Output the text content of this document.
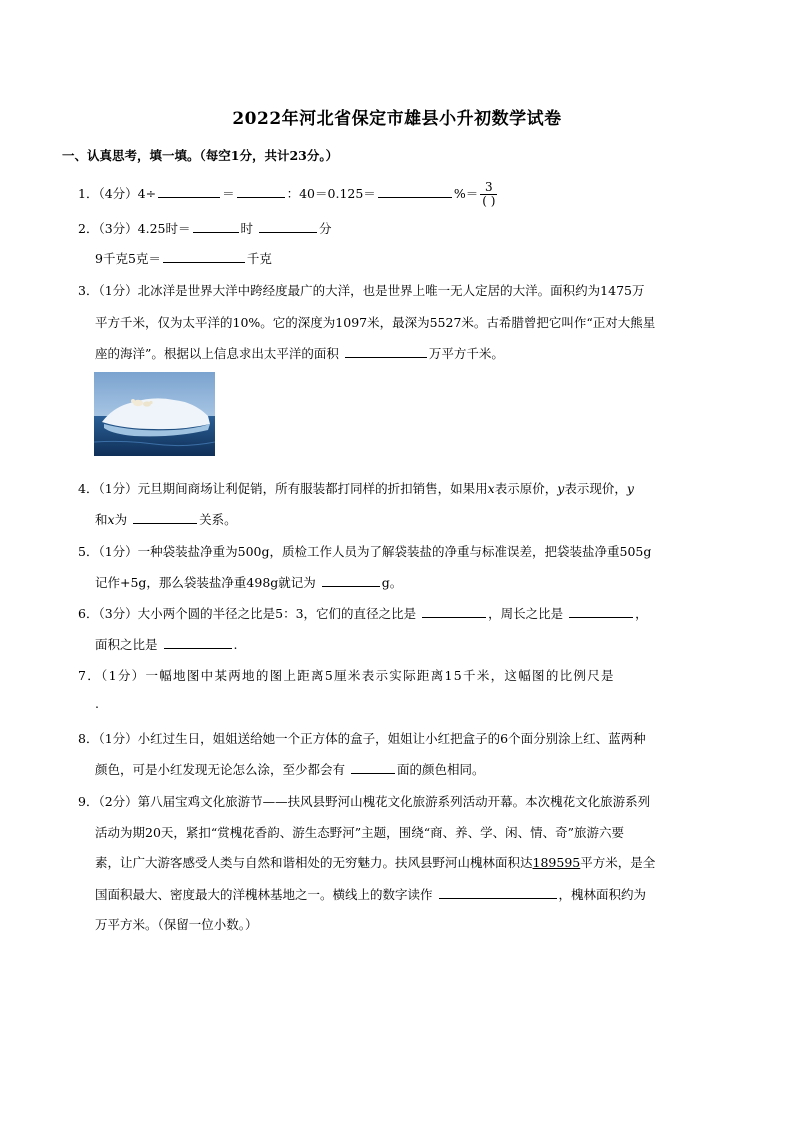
2022年河北省保定市雄县小升初数学试卷
一、认真思考，填一填。（每空1分，共计23分。）
1．（4分）4÷	＝	：40＝0.125＝	%＝ $\frac{3}{( )}$
2．（3分）4.25时＝	时	分
9千克5克＝	千克
3．（1分）北冰洋是世界大洋中跨经度最广的大洋，也是世界上唯一无人定居的大洋。面积约为1475万
平方千米，仅为太平洋的10%。它的深度为1097米，最深为5527米。古希腊曾把它叫作“正对大熊星
座的海洋”。根据以上信息求出太平洋的面积	万平方千米。
4．（1分）元旦期间商场让利促销，所有服装都打同样的折扣销售，如果用x表示原价，y表示现价，y
和x为	关系。
5．（1分）一种袋装盐净重为500g，质检工作人员为了解袋装盐的净重与标准误差，把袋装盐净重505g
记作+5g，那么袋装盐净重498g就记为	g。
6．（3分）大小两个圆的半径之比是5：3，它们的直径之比是	，周长之比是	，
面积之比是	.
7．（1分）一幅地图中某两地的图上距离5厘米表示实际距离15千米，这幅图的比例尺是
.
8．（1分）小红过生日，姐姐送给她一个正方体的盒子，姐姐让小红把盒子的6个面分别涂上红、蓝两种
颜色，可是小红发现无论怎么涂，至少都会有	面的颜色相同。
9．（2分）第八届宝鸡文化旅游节——扶风县野河山槐花文化旅游系列活动开幕。本次槐花文化旅游系列
活动为期20天，紧扣“赏槐花香韵、游生态野河”主题，围绕“商、养、学、闲、情、奇”旅游六要
素，让广大游客感受人类与自然和谐相处的无穷魅力。扶风县野河山槐林面积达189595平方米，是全
国面积最大、密度最大的洋槐林基地之一。横线上的数字读作	，槐林面积约为
万平方米。（保留一位小数。）
